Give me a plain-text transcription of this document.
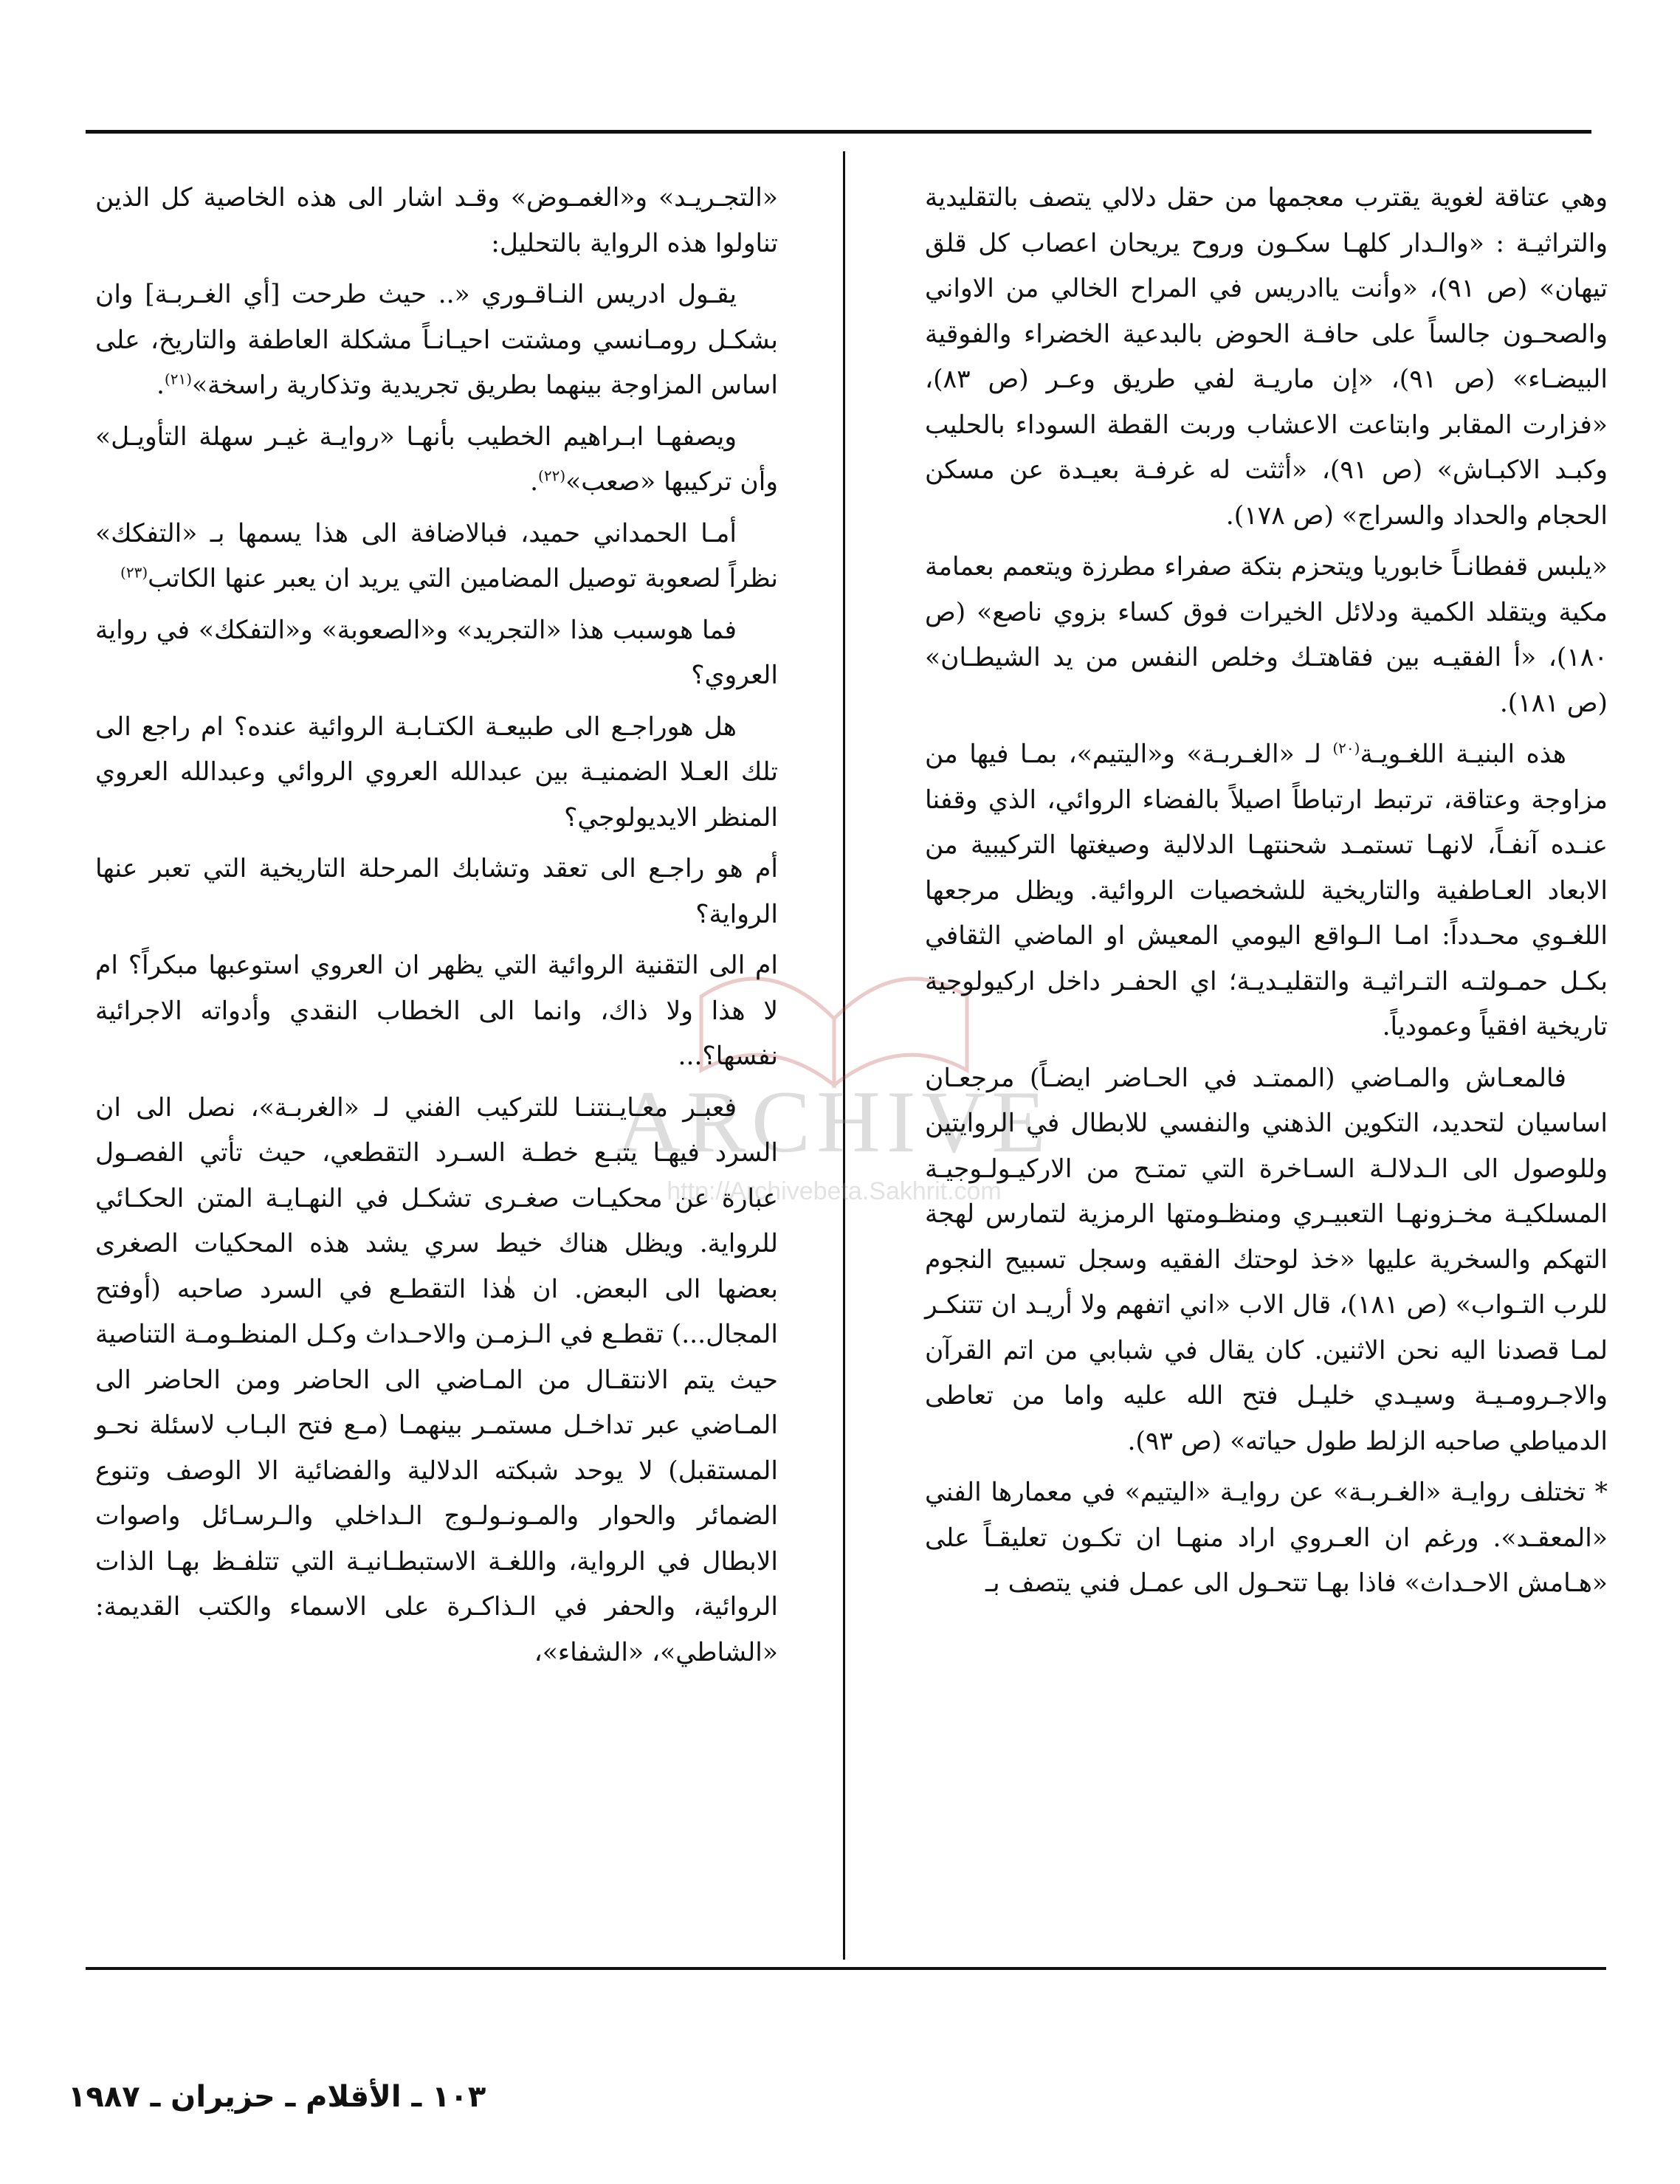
ARCHIVE
http://Archivebeta.Sakhrit.com

وهي عتاقة لغوية يقترب معجمها من حقل دلالي يتصف بالتقليدية والتراثيـة : «والـدار كلهـا سكـون وروح يريحان اعصاب كل قلق تيهان» (ص ٩١)، «وأنت ياادريس في المراح الخالي من الاواني والصحـون جالساً على حافـة الحوض بالبدعية الخضراء والفوقية البيضـاء» (ص ٩١)، «إن ماريـة لفي طريق وعـر (ص ٨٣)، «فزارت المقابر وابتاعت الاعشاب وربت القطة السوداء بالحليب وكبـد الاكبـاش» (ص ٩١)، «أثثت له غرفـة بعيـدة عن مسكن الحجام والحداد والسراج» (ص ١٧٨).

«يلبس قفطانـاً خابوريا ويتحزم بتكة صفراء مطرزة ويتعمم بعمامة مكية ويتقلد الكمية ودلائل الخيرات فوق كساء بزوي ناصع» (ص ١٨٠)، «أ الفقيـه بين فقاهتـك وخلص النفس من يد الشيطـان» (ص ١٨١).

هذه البنيـة اللغـويـة$^{(٢٠)}$ لـ «الغـربـة» و«اليتيم»، بمـا فيها من مزاوجة وعتاقة، ترتبط ارتباطاً اصيلاً بالفضاء الروائي، الذي وقفنا عنـده آنفـاً، لانهـا تستمـد شحنتهـا الدلالية وصيغتها التركيبية من الابعاد العـاطفية والتاريخية للشخصيات الروائية. ويظل مرجعها اللغـوي محـدداً: امـا الـواقع اليومي المعيش او الماضي الثقافي بكـل حمـولتـه التـراثيـة والتقليـديـة؛ اي الحفـر داخل اركيولوجية تاريخية افقياً وعمودياً.

فالمعـاش والمـاضي (الممتـد في الحـاضر ايضـاً) مرجعـان اساسيان لتحديد، التكوين الذهني والنفسي للابطال في الروايتين وللوصول الى الـدلالـة السـاخرة التي تمتـح من الاركيـولـوجيـة المسلكيـة مخـزونهـا التعبيـري ومنظـومتها الرمزية لتمارس لهجة التهكم والسخرية عليها «خذ لوحتك الفقيه وسجل تسبيح النجوم للرب التـواب» (ص ١٨١)، قال الاب «اني اتفهم ولا أريـد ان تتنكـر لمـا قصدنا اليه نحن الاثنين. كان يقال في شبابي من اتم القرآن والاجـرومـيـة وسيـدي خليـل فتح الله عليه واما من تعاطى الدمياطي صاحبه الزلط طول حياته» (ص ٩٣).

* تختلف روايـة «الغـربـة» عن روايـة «اليتيم» في معمارها الفني «المعقـد». ورغم ان العـروي اراد منهـا ان تكـون تعليقـاً على «هـامش الاحـداث» فاذا بهـا تتحـول الى عمـل فني يتصف بـ

«التجـريـد» و«الغمـوض» وقـد اشار الى هذه الخاصية كل الذين تناولوا هذه الرواية بالتحليل:

يقـول ادريس النـاقـوري «.. حيث طرحت [أي الغـربـة] وان بشكـل رومـانسي ومشتت احيـانـاً مشكلة العاطفة والتاريخ، على اساس المزاوجة بينهما بطريق تجريدية وتذكارية راسخة»$^{(٢١)}$.

ويصفهـا ابـراهيم الخطيب بأنهـا «روايـة غيـر سهلة التأويـل» وأن تركيبها «صعب»$^{(٢٢)}$.

أمـا الحمداني حميد، فبالاضافة الى هذا يسمها بـ «التفكك» نظراً لصعوبة توصيل المضامين التي يريد ان يعبر عنها الكاتب$^{(٢٣)}$

فما هوسبب هذا «التجريد» و«الصعوبة» و«التفكك» في رواية العروي؟

هل هوراجـع الى طبيعـة الكتـابـة الروائية عنده؟ ام راجع الى تلك العـلا الضمنيـة بين عبدالله العروي الروائي وعبدالله العروي المنظر الايديولوجي؟

أم هو راجـع الى تعقد وتشابك المرحلة التاريخية التي تعبر عنها الرواية؟

ام الى التقنية الروائية التي يظهر ان العروي استوعبها مبكراً؟ ام لا هذا ولا ذاك، وانما الى الخطاب النقدي وأدواته الاجرائية نفسها؟...

فعبـر معـايـنتنـا للتركيب الفني لـ «الغربـة»، نصل الى ان السرد فيهـا يتبـع خطـة السـرد التقطعي، حيث تأتي الفصـول عبارة عن محكيـات صغـرى تشكـل في النهـايـة المتن الحكـائي للرواية. ويظل هناك خيط سري يشد هذه المحكيات الصغرى بعضها الى البعض. ان هٰذا التقطـع في السرد صاحبه (أوفتح المجال...) تقطـع في الـزمـن والاحـداث وكـل المنظـومـة التناصية حيث يتم الانتقـال من المـاضي الى الحاضر ومن الحاضر الى المـاضي عبر تداخـل مستمـر بينهمـا (مـع فتح البـاب لاسئلة نحـو المستقبل) لا يوحد شبكته الدلالية والفضائية الا الوصف وتنوع الضمائر والحوار والمـونـولـوج الـداخلي والـرسـائل واصوات الابطال في الرواية، واللغـة الاستبطـانيـة التي تتلفـظ بهـا الذات الروائية، والحفر في الـذاكـرة على الاسماء والكتب القديمة: «الشاطي»، «الشفاء»،

١٠٣ ـ الأقلام ـ حزيران ـ ١٩٨٧
